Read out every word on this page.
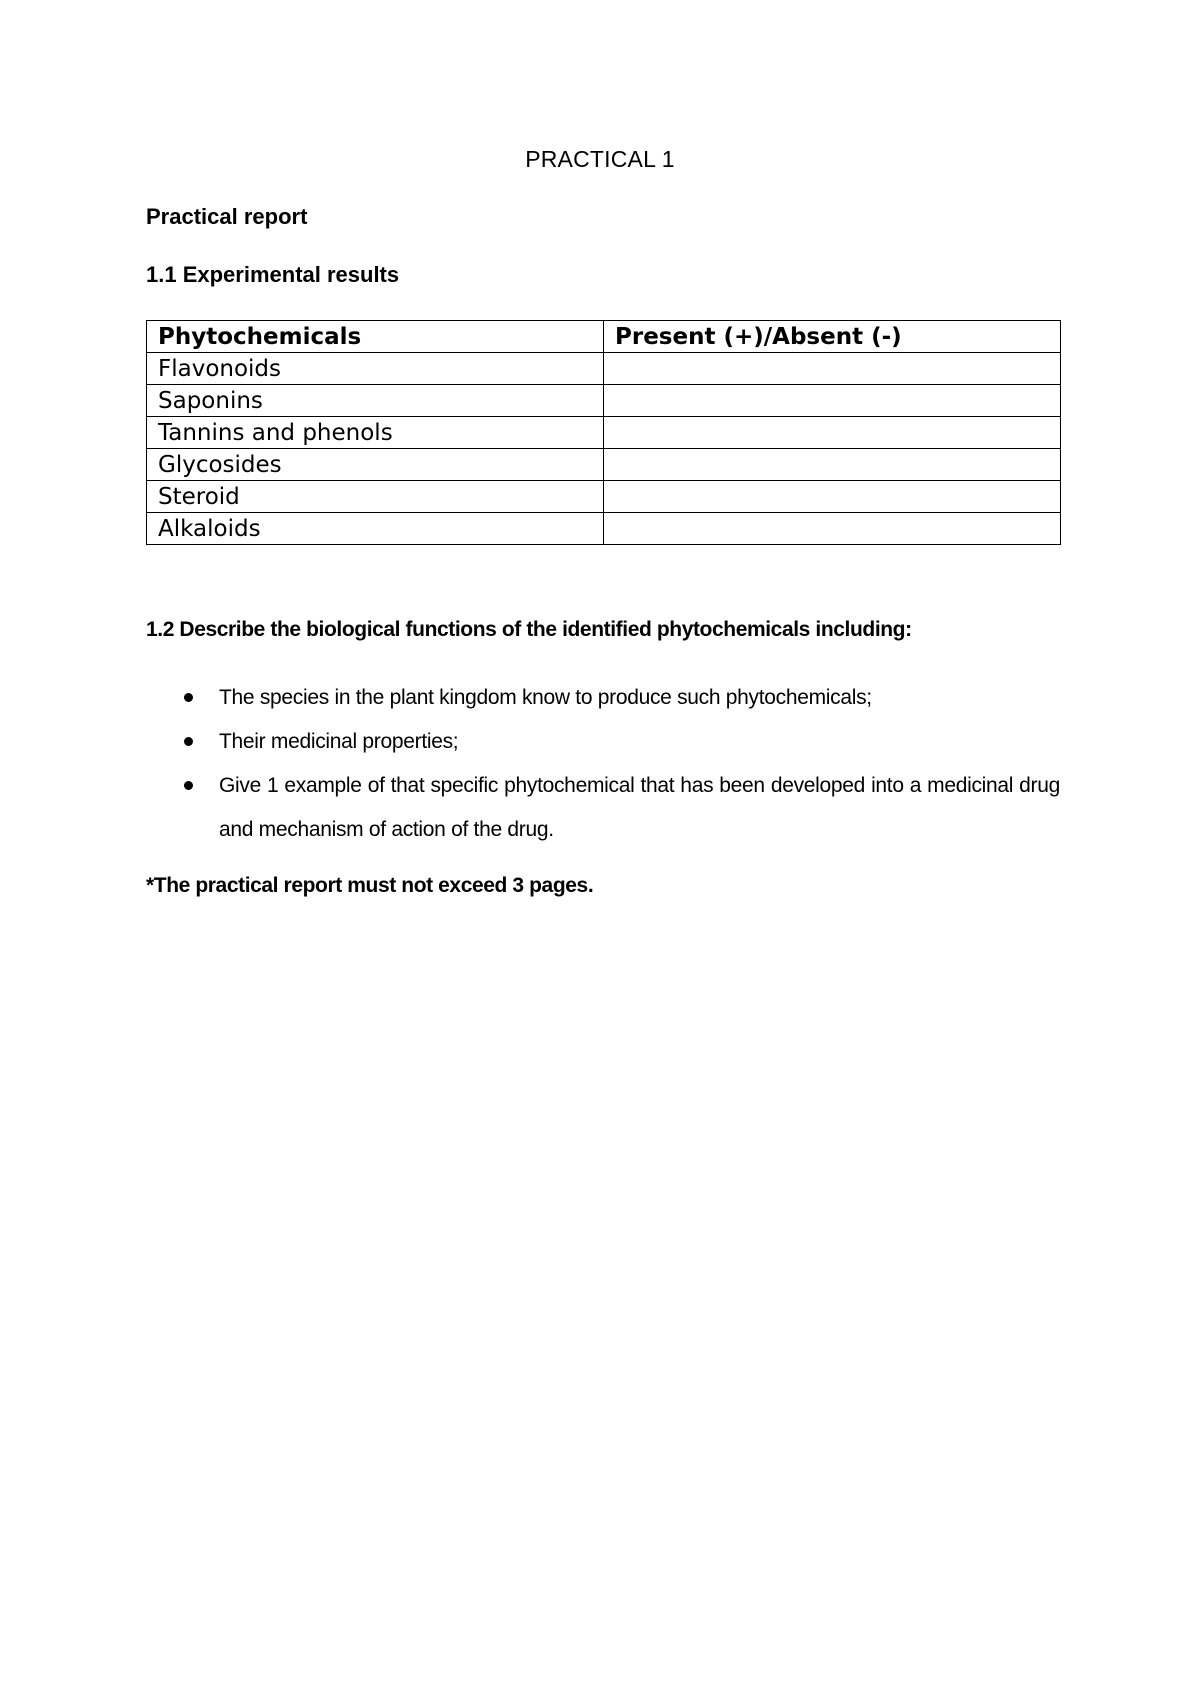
PRACTICAL 1
Practical report
1.1 Experimental results
Phytochemicals	Present (+)/Absent (-)
Flavonoids	
Saponins	
Tannins and phenols	
Glycosides	
Steroid	
Alkaloids	
1.2 Describe the biological functions of the identified phytochemicals including:
The species in the plant kingdom know to produce such phytochemicals;
Their medicinal properties;
Give 1 example of that specific phytochemical that has been developed into a medicinal drug and mechanism of action of the drug.
*The practical report must not exceed 3 pages.
